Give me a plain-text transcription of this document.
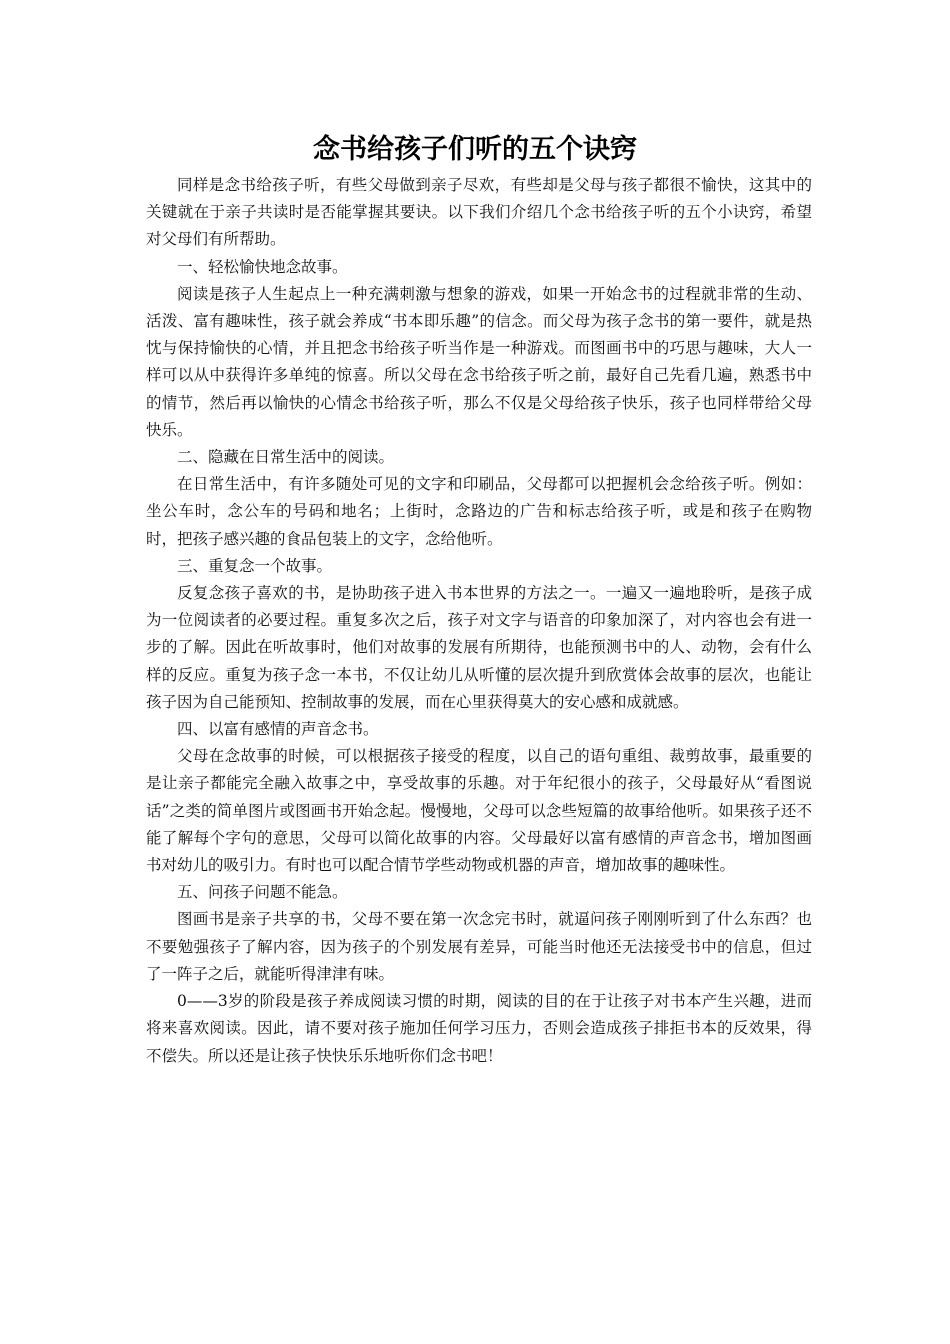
念书给孩子们听的五个诀窍

同样是念书给孩子听，有些父母做到亲子尽欢，有些却是父母与孩子都很不愉快，这其中的关键就在于亲子共读时是否能掌握其要诀。以下我们介绍几个念书给孩子听的五个小诀窍，希望对父母们有所帮助。

一、轻松愉快地念故事。

阅读是孩子人生起点上一种充满刺激与想象的游戏，如果一开始念书的过程就非常的生动、活泼、富有趣味性，孩子就会养成“书本即乐趣”的信念。而父母为孩子念书的第一要件，就是热忱与保持愉快的心情，并且把念书给孩子听当作是一种游戏。而图画书中的巧思与趣味，大人一样可以从中获得许多单纯的惊喜。所以父母在念书给孩子听之前，最好自己先看几遍，熟悉书中的情节，然后再以愉快的心情念书给孩子听，那么不仅是父母给孩子快乐，孩子也同样带给父母快乐。

二、隐藏在日常生活中的阅读。

在日常生活中，有许多随处可见的文字和印刷品，父母都可以把握机会念给孩子听。例如：坐公车时，念公车的号码和地名；上街时，念路边的广告和标志给孩子听，或是和孩子在购物时，把孩子感兴趣的食品包装上的文字，念给他听。

三、重复念一个故事。

反复念孩子喜欢的书，是协助孩子进入书本世界的方法之一。一遍又一遍地聆听，是孩子成为一位阅读者的必要过程。重复多次之后，孩子对文字与语音的印象加深了，对内容也会有进一步的了解。因此在听故事时，他们对故事的发展有所期待，也能预测书中的人、动物，会有什么样的反应。重复为孩子念一本书，不仅让幼儿从听懂的层次提升到欣赏体会故事的层次，也能让孩子因为自己能预知、控制故事的发展，而在心里获得莫大的安心感和成就感。

四、以富有感情的声音念书。

父母在念故事的时候，可以根据孩子接受的程度，以自己的语句重组、裁剪故事，最重要的是让亲子都能完全融入故事之中，享受故事的乐趣。对于年纪很小的孩子，父母最好从“看图说话”之类的简单图片或图画书开始念起。慢慢地，父母可以念些短篇的故事给他听。如果孩子还不能了解每个字句的意思，父母可以简化故事的内容。父母最好以富有感情的声音念书，增加图画书对幼儿的吸引力。有时也可以配合情节学些动物或机器的声音，增加故事的趣味性。

五、问孩子问题不能急。

图画书是亲子共享的书，父母不要在第一次念完书时，就逼问孩子刚刚听到了什么东西？也不要勉强孩子了解内容，因为孩子的个别发展有差异，可能当时他还无法接受书中的信息，但过了一阵子之后，就能听得津津有味。

0——3岁的阶段是孩子养成阅读习惯的时期，阅读的目的在于让孩子对书本产生兴趣，进而将来喜欢阅读。因此，请不要对孩子施加任何学习压力，否则会造成孩子排拒书本的反效果，得不偿失。所以还是让孩子快快乐乐地听你们念书吧！
